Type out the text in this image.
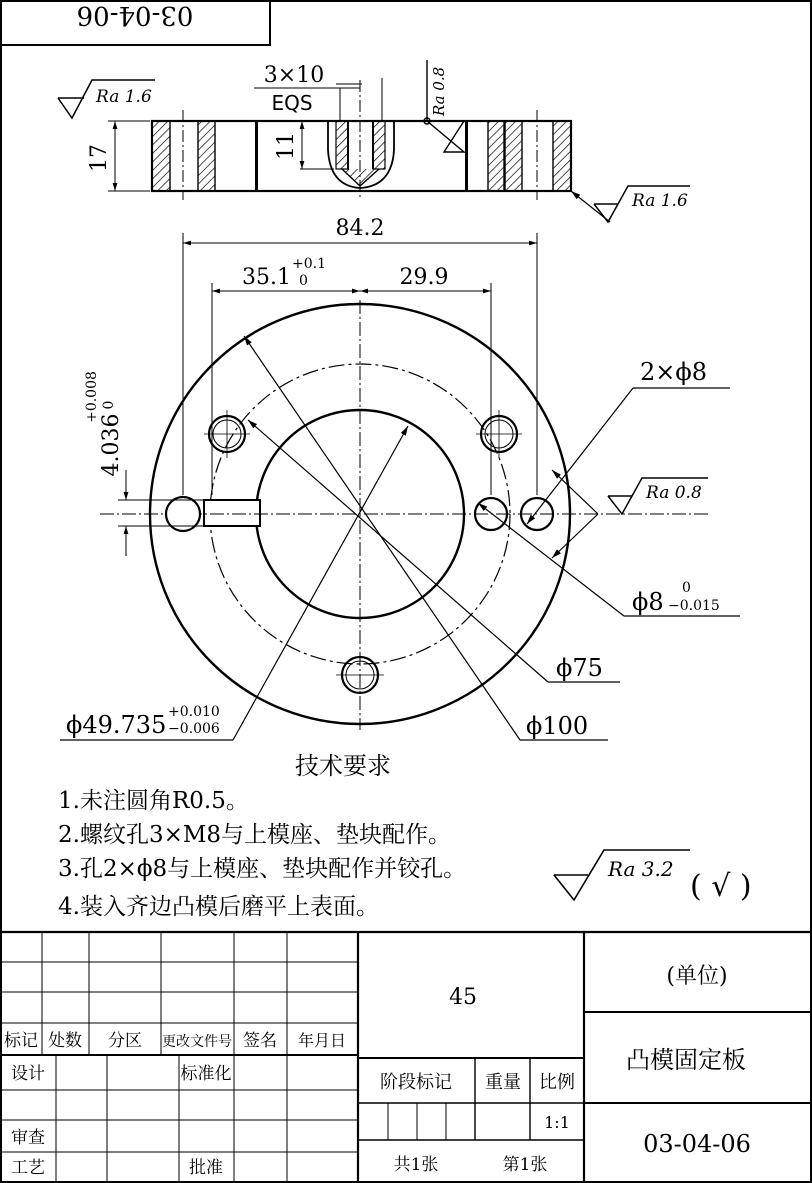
03-04-06
17	11
3×10
EQS
Ra 1.6	Ra 0.8
Ra 1.6
84.2
35.1
+0.1
0	29.9
4.036
+0.008 0
2×ϕ8
Ra 0.8
ϕ8 0
−0.015
ϕ75
ϕ100
ϕ49.735 +0.010
−0.006
技术要求
1.未注圆角R0.5。
2.螺纹孔3×M8与上模座、垫块配作。
3.孔2×ϕ8与上模座、垫块配作并铰孔。
4.装入齐边凸模后磨平上表面。
Ra 3.2 ( √ )
标记 处数 分区 更改文件号 签名 年月日
设计	标准化
审查
工艺	批准
45
阶段标记 重量 比例
1:1
共1张	第1张
(单位)
凸模固定板
03-04-06
